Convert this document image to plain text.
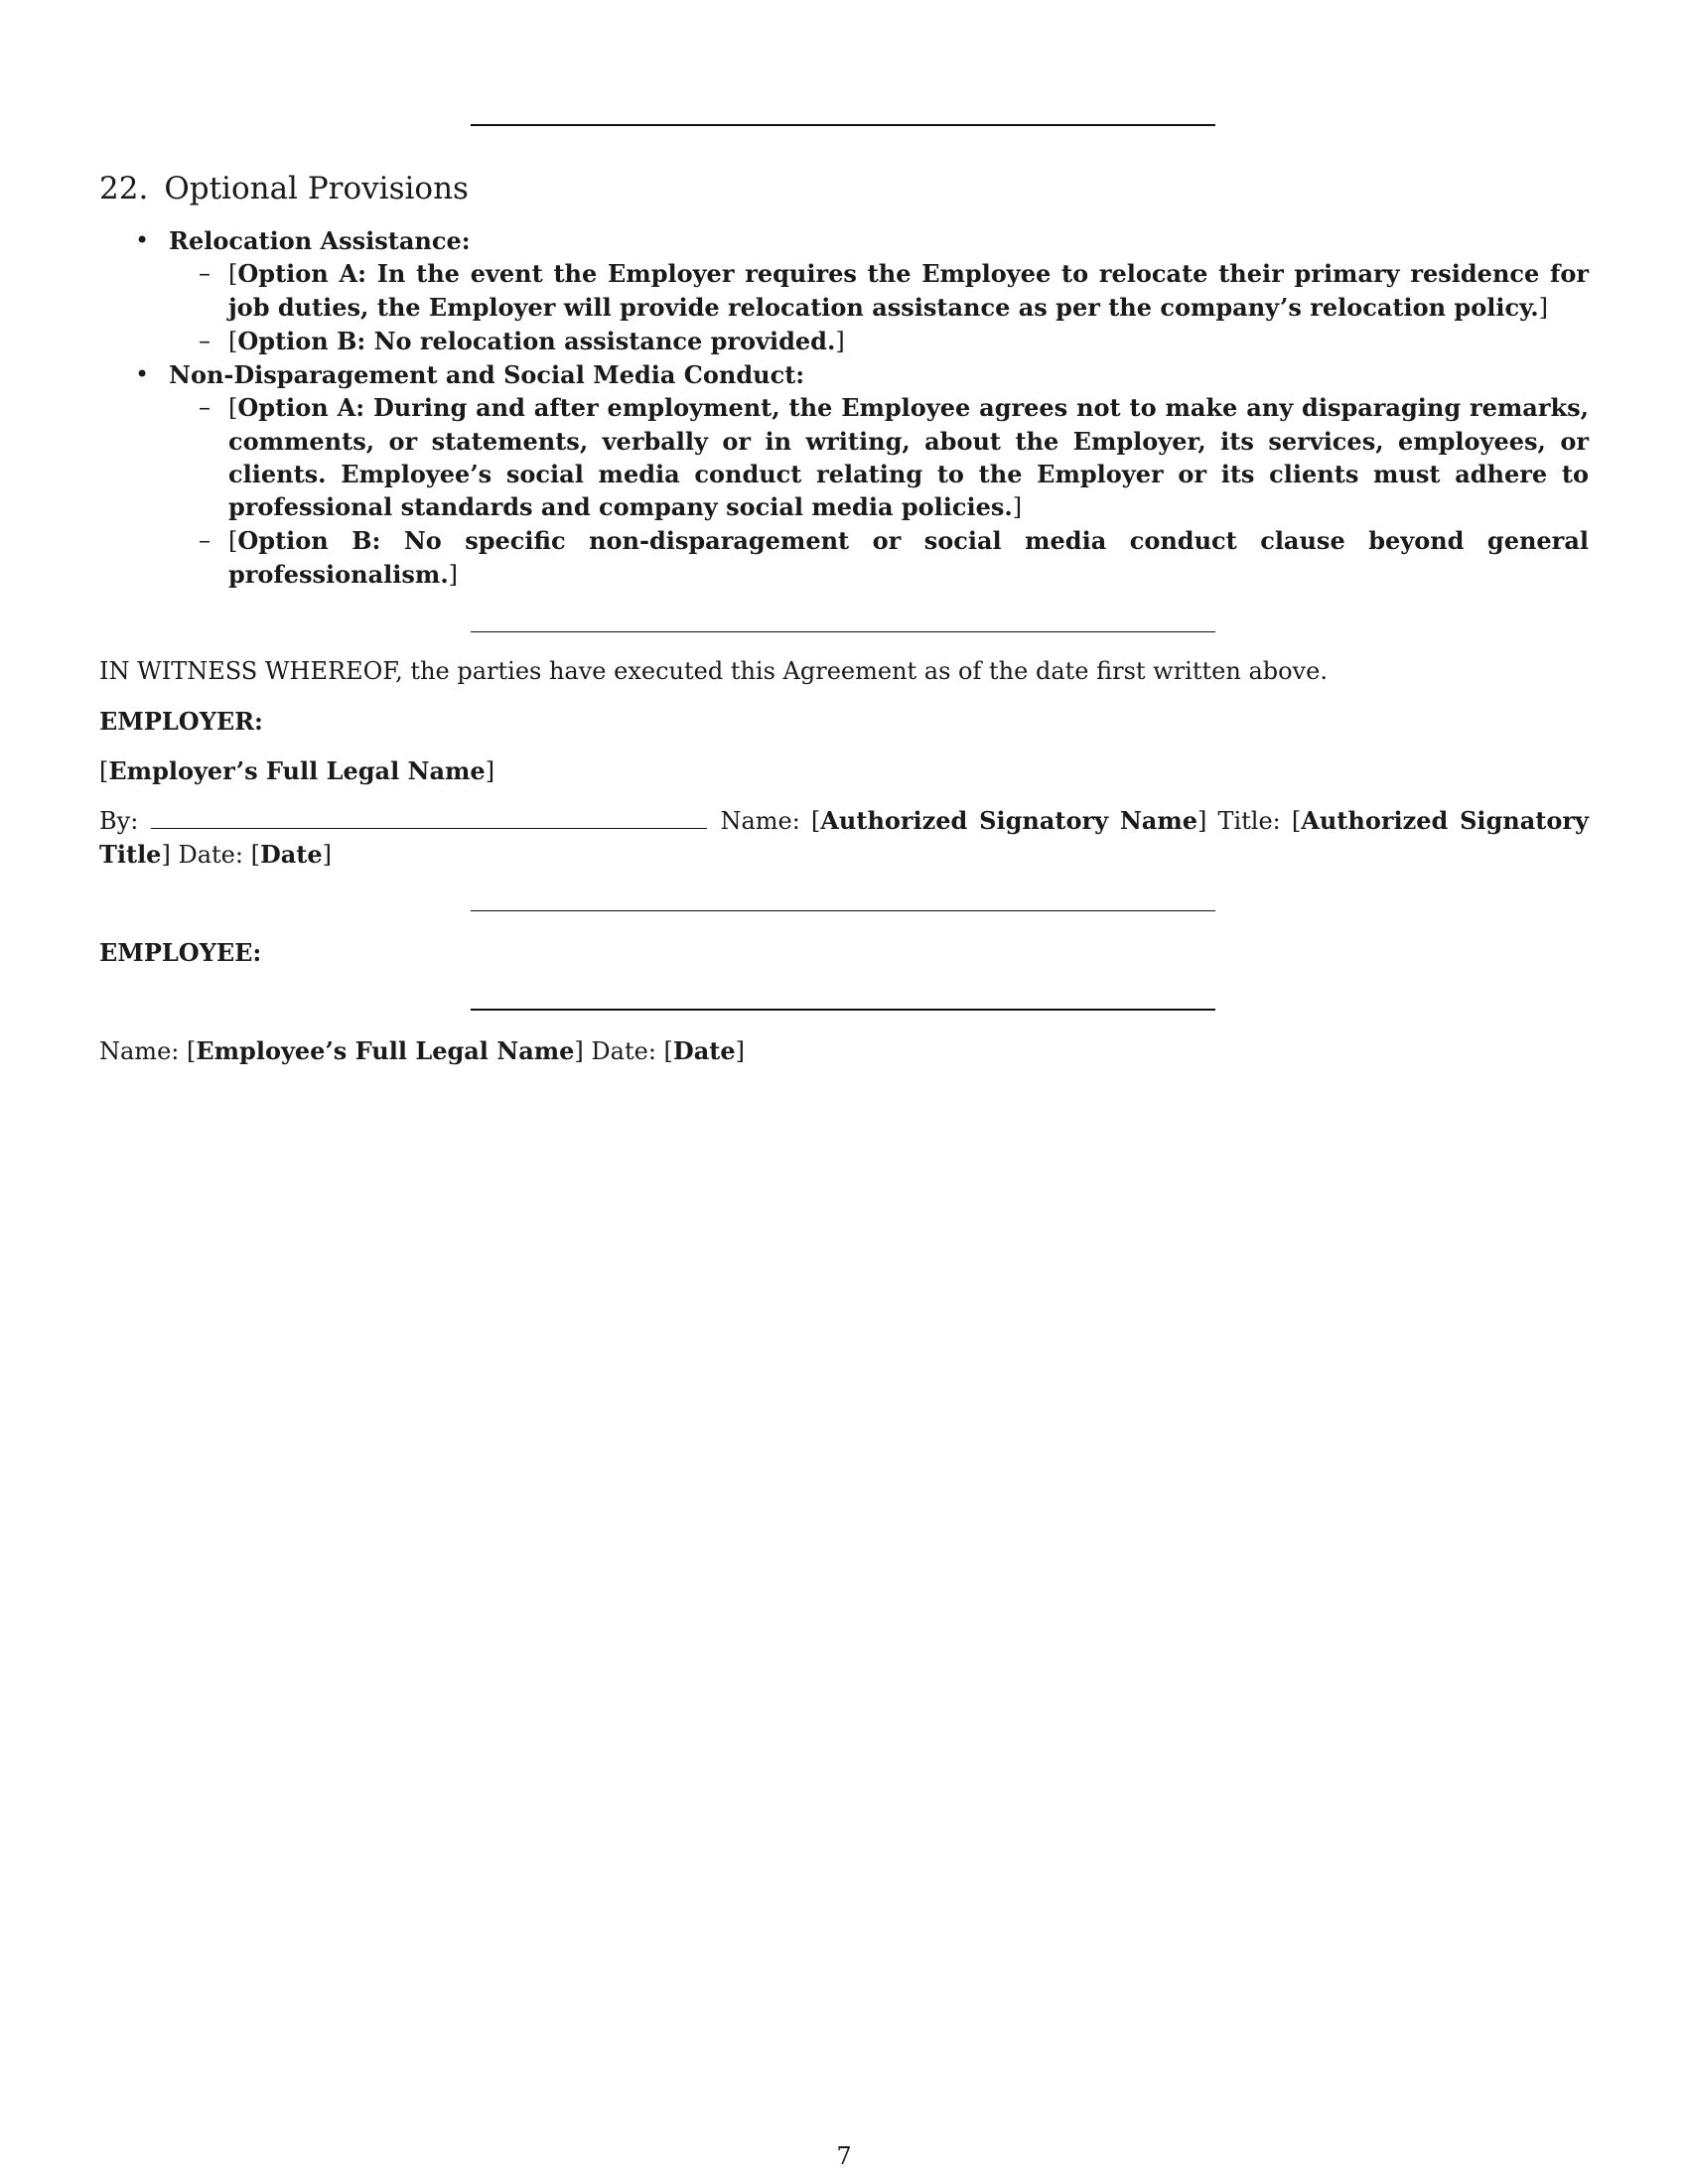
22. Optional Provisions
• Relocation Assistance:
– [Option A: In the event the Employer requires the Employee to relocate their primary residence for job duties, the Employer will provide relocation assistance as per the company’s relocation policy.]
– [Option B: No relocation assistance provided.]
• Non-Disparagement and Social Media Conduct:
– [Option A: During and after employment, the Employee agrees not to make any disparaging remarks, comments, or statements, verbally or in writing, about the Employer, its services, employees, or clients. Employee’s social media conduct relating to the Employer or its clients must adhere to professional standards and company social media policies.]
– [Option B: No specific non-disparagement or social media conduct clause beyond general professionalism.]
IN WITNESS WHEREOF, the parties have executed this Agreement as of the date first written above.
EMPLOYER:
[Employer’s Full Legal Name]
By:	Name: [Authorized Signatory Name] Title: [Authorized Signatory Title] Date: [Date]
EMPLOYEE:
Name: [Employee’s Full Legal Name] Date: [Date]
7
